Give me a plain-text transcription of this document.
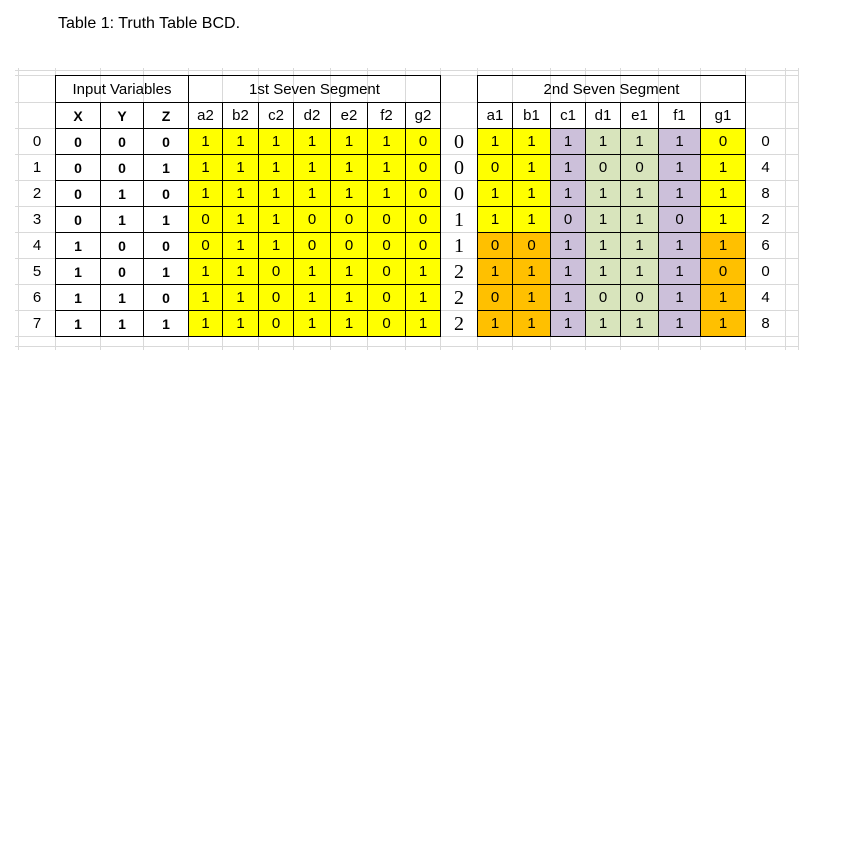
Table 1: Truth Table BCD.
Input Variables	1st Seven Segment	2nd Seven Segment
X	Y	Z	a2	b2	c2	d2	e2	f2	g2	a1	b1	c1	d1	e1	f1	g1
0	0	0	0	1	1	1	1	1	1	0	0	1	1	1	1	1	1	0	0
1	0	0	1	1	1	1	1	1	1	0	0	0	1	1	0	0	1	1	4
2	0	1	0	1	1	1	1	1	1	0	0	1	1	1	1	1	1	1	8
3	0	1	1	0	1	1	0	0	0	0	1	1	1	0	1	1	0	1	2
4	1	0	0	0	1	1	0	0	0	0	1	0	0	1	1	1	1	1	6
5	1	0	1	1	1	0	1	1	0	1	2	1	1	1	1	1	1	0	0
6	1	1	0	1	1	0	1	1	0	1	2	0	1	1	0	0	1	1	4
7	1	1	1	1	1	0	1	1	0	1	2	1	1	1	1	1	1	1	8
